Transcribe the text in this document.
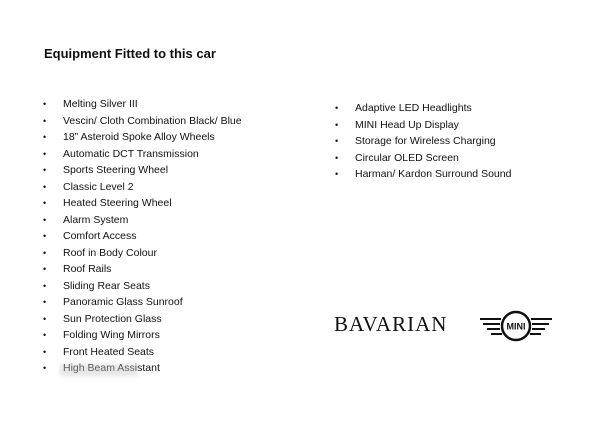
Equipment Fitted to this car
• Melting Silver III
• Vescin/ Cloth Combination Black/ Blue
• 18” Asteroid Spoke Alloy Wheels
• Automatic DCT Transmission
• Sports Steering Wheel
• Classic Level 2
• Heated Steering Wheel
• Alarm System
• Comfort Access
• Roof in Body Colour
• Roof Rails
• Sliding Rear Seats
• Panoramic Glass Sunroof
• Sun Protection Glass
• Folding Wing Mirrors
• Front Heated Seats
• High Beam Assistant
• Adaptive LED Headlights
• MINI Head Up Display
• Storage for Wireless Charging
• Circular OLED Screen
• Harman/ Kardon Surround Sound
BAVARIAN	MINI
